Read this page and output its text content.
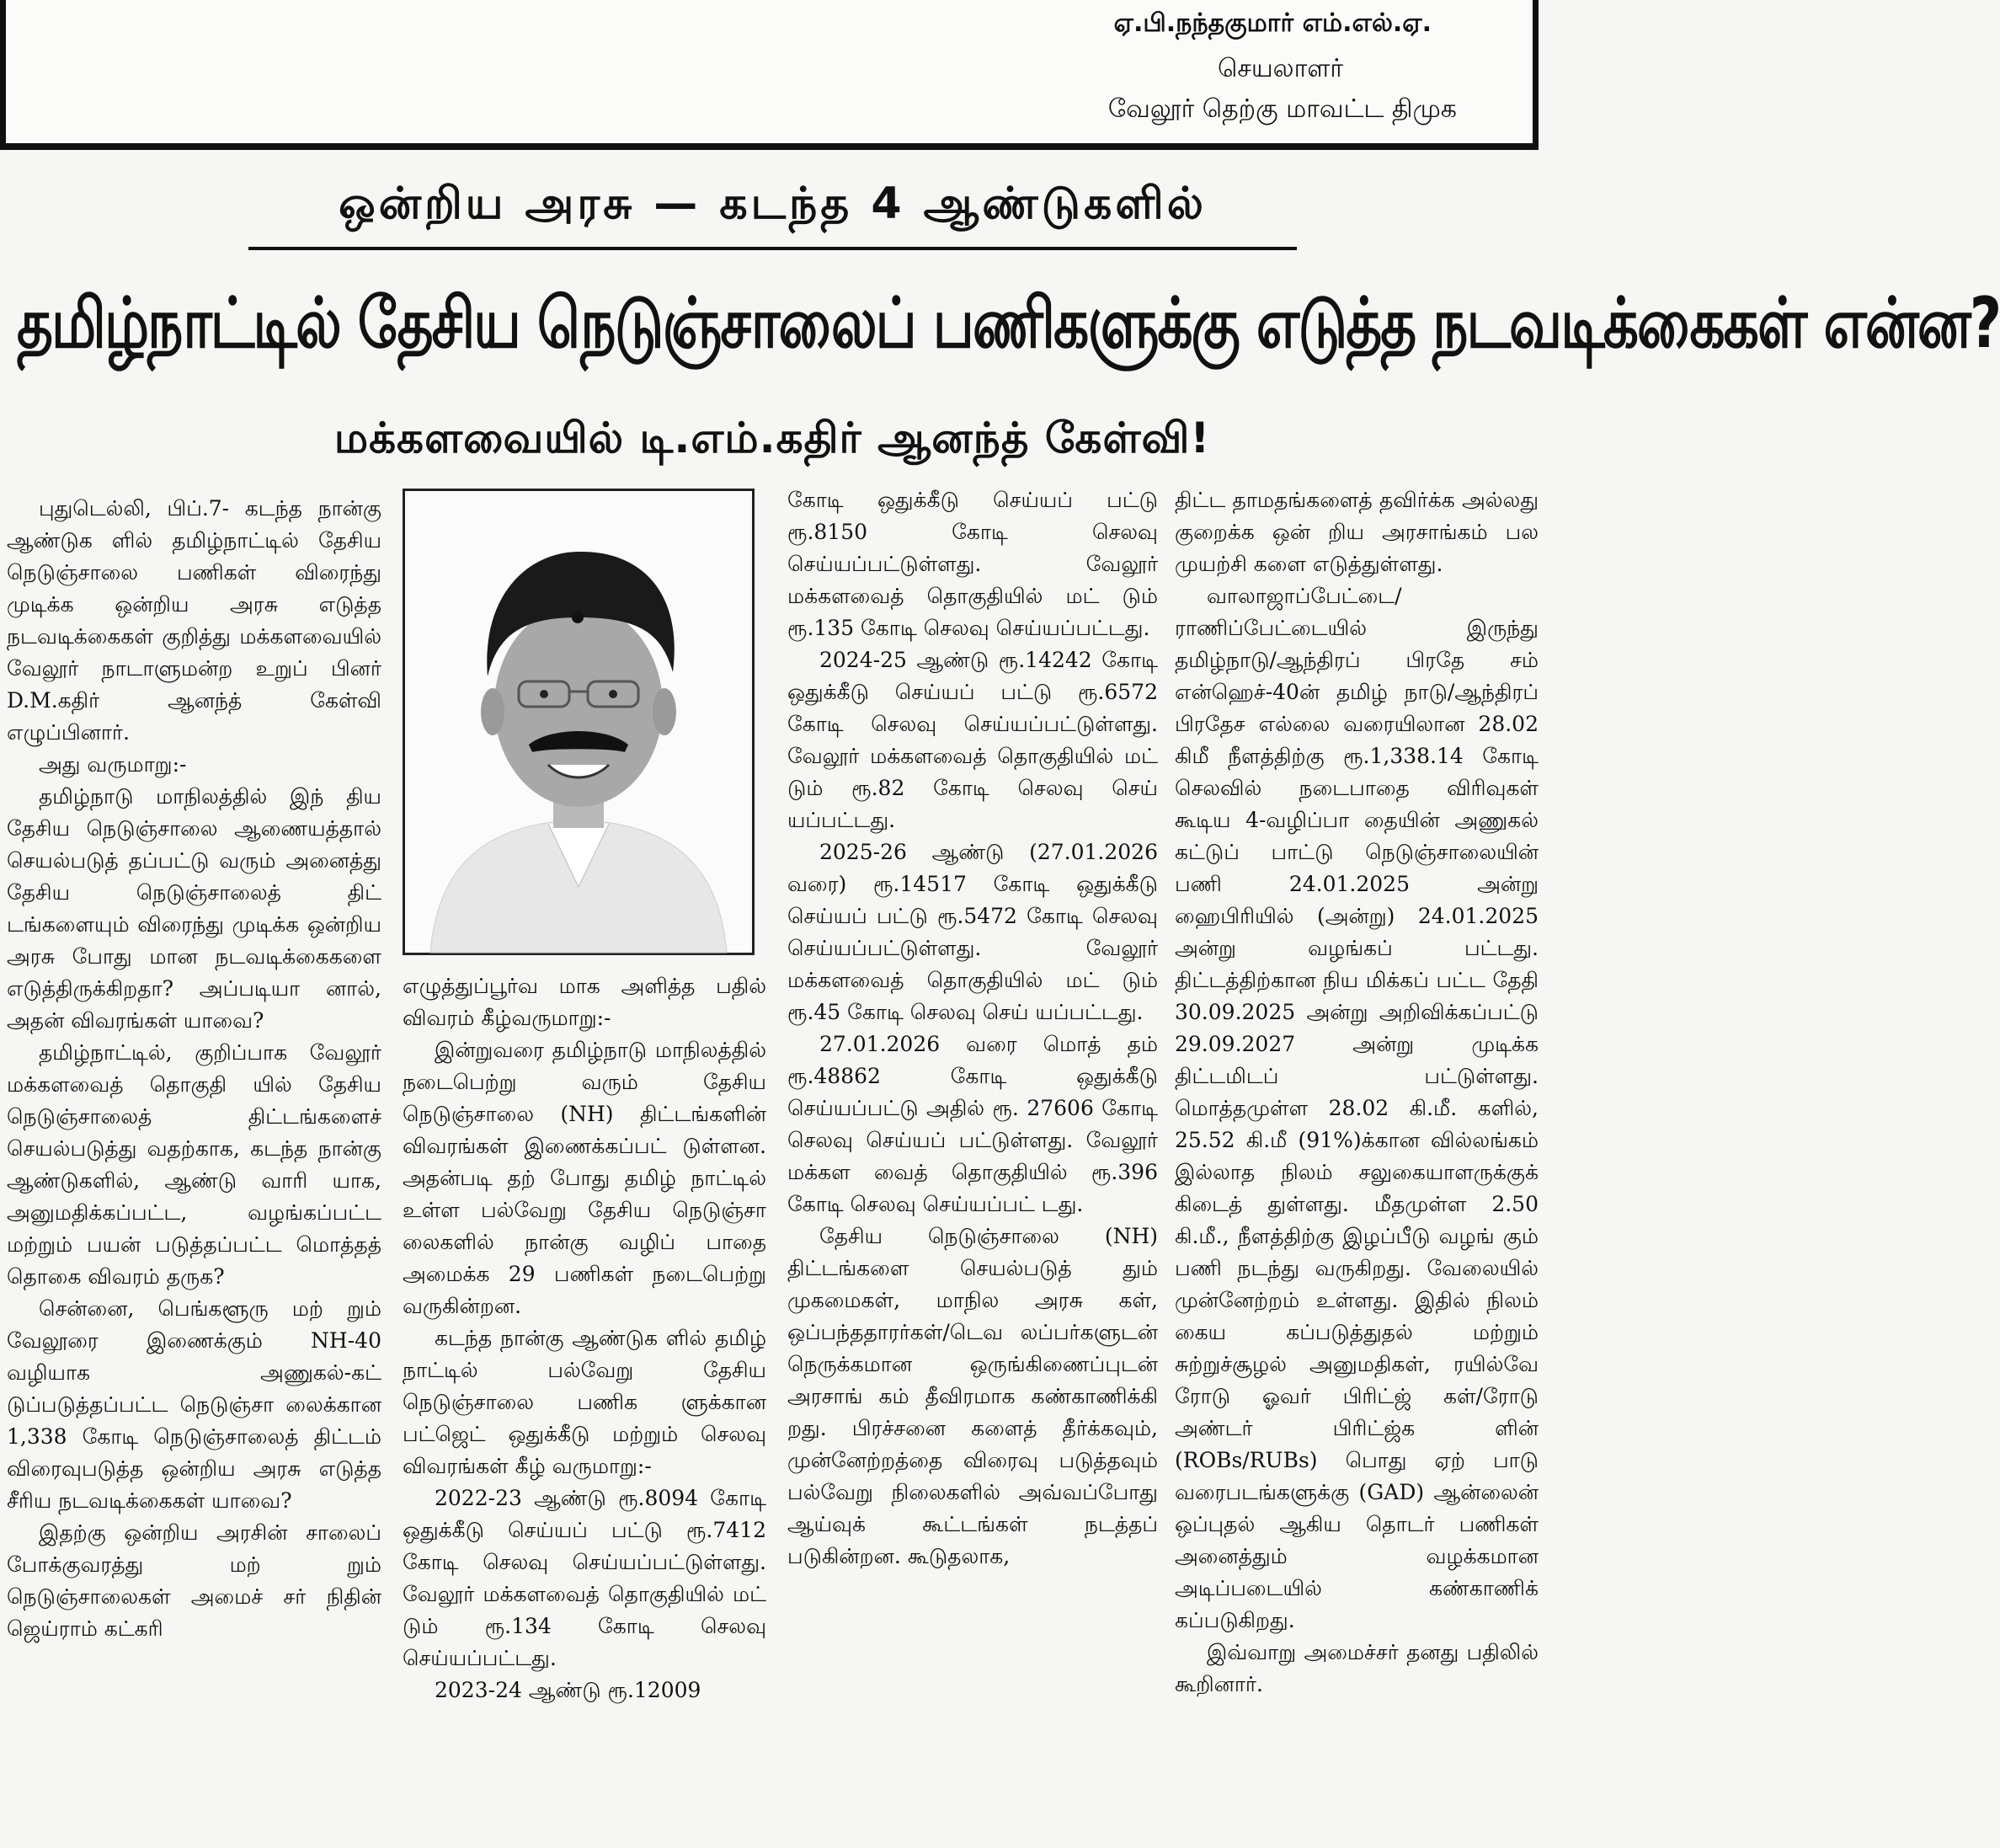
ஏ.பி.நந்தகுமார் எம்.எல்.ஏ.
செயலாளர்
வேலூர் தெற்கு மாவட்ட திமுக
ஒன்றிய அரசு — கடந்த 4 ஆண்டுகளில்
தமிழ்நாட்டில் தேசிய நெடுஞ்சாலைப் பணிகளுக்கு எடுத்த நடவடிக்கைகள் என்ன?
மக்களவையில் டி.எம்.கதிர் ஆனந்த் கேள்வி!

புதுடெல்லி, பிப்.7- கடந்த நான்கு ஆண்டுக ளில் தமிழ்நாட்டில் தேசிய நெடுஞ்சாலை பணிகள் விரைந்து முடிக்க ஒன்றிய அரசு எடுத்த நடவடிக்கைகள் குறித்து மக்களவையில் வேலூர் நாடாளுமன்ற உறுப் பினர் D.M.கதிர் ஆனந்த் கேள்வி எழுப்பினார்.

அது வருமாறு:-

தமிழ்நாடு மாநிலத்தில் இந் திய தேசிய நெடுஞ்சாலை ஆணையத்தால் செயல்படுத் தப்பட்டு வரும் அனைத்து தேசிய நெடுஞ்சாலைத் திட் டங்களையும் விரைந்து முடிக்க ஒன்றிய அரசு போது மான நடவடிக்கைகளை எடுத்திருக்கிறதா? அப்படியா னால், அதன் விவரங்கள் யாவை?

தமிழ்நாட்டில், குறிப்பாக வேலூர் மக்களவைத் தொகுதி யில் தேசிய நெடுஞ்சாலைத் திட்டங்களைச் செயல்படுத்து வதற்காக, கடந்த நான்கு ஆண்டுகளில், ஆண்டு வாரி யாக, அனுமதிக்கப்பட்ட, வழங்கப்பட்ட மற்றும் பயன் படுத்தப்பட்ட மொத்தத் தொகை விவரம் தருக?

சென்னை, பெங்களூரு மற் றும் வேலூரை இணைக்கும் NH-40 வழியாக அணுகல்-கட் டுப்படுத்தப்பட்ட நெடுஞ்சா லைக்கான 1,338 கோடி நெடுஞ்சாலைத் திட்டம் விரைவுபடுத்த ஒன்றிய அரசு எடுத்த சீரிய நடவடிக்கைகள் யாவை?

இதற்கு ஒன்றிய அரசின் சாலைப் போக்குவரத்து மற் றும் நெடுஞ்சாலைகள் அமைச் சர் நிதின் ஜெய்ராம் கட்கரி

எழுத்துப்பூர்வ மாக அளித்த பதில் விவரம் கீழ்வருமாறு:-

இன்றுவரை தமிழ்நாடு மாநிலத்தில் நடைபெற்று வரும் தேசிய நெடுஞ்சாலை (NH) திட்டங்களின் விவரங்கள் இணைக்கப்பட் டுள்ளன. அதன்படி தற் போது தமிழ் நாட்டில் உள்ள பல்வேறு தேசிய நெடுஞ்சா லைகளில் நான்கு வழிப் பாதை அமைக்க 29 பணிகள் நடைபெற்று வருகின்றன.

கடந்த நான்கு ஆண்டுக ளில் தமிழ் நாட்டில் பல்வேறு தேசிய நெடுஞ்சாலை பணிக ளுக்கான பட்ஜெட் ஒதுக்கீடு மற்றும் செலவு விவரங்கள் கீழ் வருமாறு:-

2022-23 ஆண்டு ரூ.8094 கோடி ஒதுக்கீடு செய்யப் பட்டு ரூ.7412 கோடி செலவு செய்யப்பட்டுள்ளது. வேலூர் மக்களவைத் தொகுதியில் மட் டும் ரூ.134 கோடி செலவு செய்யப்பட்டது.

2023-24 ஆண்டு ரூ.12009

கோடி ஒதுக்கீடு செய்யப் பட்டு ரூ.8150 கோடி செலவு செய்யப்பட்டுள்ளது. வேலூர் மக்களவைத் தொகுதியில் மட் டும் ரூ.135 கோடி செலவு செய்யப்பட்டது.

2024-25 ஆண்டு ரூ.14242 கோடி ஒதுக்கீடு செய்யப் பட்டு ரூ.6572 கோடி செலவு செய்யப்பட்டுள்ளது. வேலூர் மக்களவைத் தொகுதியில் மட் டும் ரூ.82 கோடி செலவு செய் யப்பட்டது.

2025-26 ஆண்டு (27.01.2026 வரை) ரூ.14517 கோடி ஒதுக்கீடு செய்யப் பட்டு ரூ.5472 கோடி செலவு செய்யப்பட்டுள்ளது. வேலூர் மக்களவைத் தொகுதியில் மட் டும் ரூ.45 கோடி செலவு செய் யப்பட்டது.

27.01.2026 வரை மொத் தம் ரூ.48862 கோடி ஒதுக்கீடு செய்யப்பட்டு அதில் ரூ. 27606 கோடி செலவு செய்யப் பட்டுள்ளது. வேலூர் மக்கள வைத் தொகுதியில் ரூ.396 கோடி செலவு செய்யப்பட் டது.

தேசிய நெடுஞ்சாலை (NH) திட்டங்களை செயல்படுத் தும் முகமைகள், மாநில அரசு கள், ஒப்பந்ததாரர்கள்/டெவ லப்பர்களுடன் நெருக்கமான ஒருங்கிணைப்புடன் அரசாங் கம் தீவிரமாக கண்காணிக்கி றது. பிரச்சனை களைத் தீர்க்கவும், முன்னேற்றத்தை விரைவு படுத்தவும் பல்வேறு நிலைகளில் அவ்வப்போது ஆய்வுக் கூட்டங்கள் நடத்தப் படுகின்றன. கூடுதலாக,

திட்ட தாமதங்களைத் தவிர்க்க அல்லது குறைக்க ஒன் றிய அரசாங்கம் பல முயற்சி களை எடுத்துள்ளது.

வாலாஜாப்பேட்டை/ ராணிப்பேட்டையில் இருந்து தமிழ்நாடு/ஆந்திரப் பிரதே சம் என்ஹெச்-40ன் தமிழ் நாடு/ஆந்திரப் பிரதேச எல்லை வரையிலான 28.02 கிமீ நீளத்திற்கு ரூ.1,338.14 கோடி செலவில் நடைபாதை விரிவுகள் கூடிய 4-வழிப்பா தையின் அணுகல் கட்டுப் பாட்டு நெடுஞ்சாலையின் பணி 24.01.2025 அன்று ஹைபிரியில் (அன்று) 24.01.2025 அன்று வழங்கப் பட்டது. திட்டத்திற்கான நிய மிக்கப் பட்ட தேதி 30.09.2025 அன்று அறிவிக்கப்பட்டு 29.09.2027 அன்று முடிக்க திட்டமிடப் பட்டுள்ளது. மொத்தமுள்ள 28.02 கி.மீ. களில், 25.52 கி.மீ (91%)க்கான வில்லங்கம் இல்லாத நிலம் சலுகையாளருக்குக் கிடைத் துள்ளது. மீதமுள்ள 2.50 கி.மீ., நீளத்திற்கு இழப்பீடு வழங் கும் பணி நடந்து வருகிறது. வேலையில் முன்னேற்றம் உள்ளது. இதில் நிலம் கைய கப்படுத்துதல் மற்றும் சுற்றுச்சூழல் அனுமதிகள், ரயில்வே ரோடு ஓவர் பிரிட்ஜ் கள்/ரோடு அண்டர் பிரிட்ஜ்க ளின் (ROBs/RUBs) பொது ஏற் பாடு வரைபடங்களுக்கு (GAD) ஆன்லைன் ஒப்புதல் ஆகிய தொடர் பணிகள் அனைத்தும் வழக்கமான அடிப்படையில் கண்காணிக் கப்படுகிறது.

இவ்வாறு அமைச்சர் தனது பதிலில் கூறினார்.
